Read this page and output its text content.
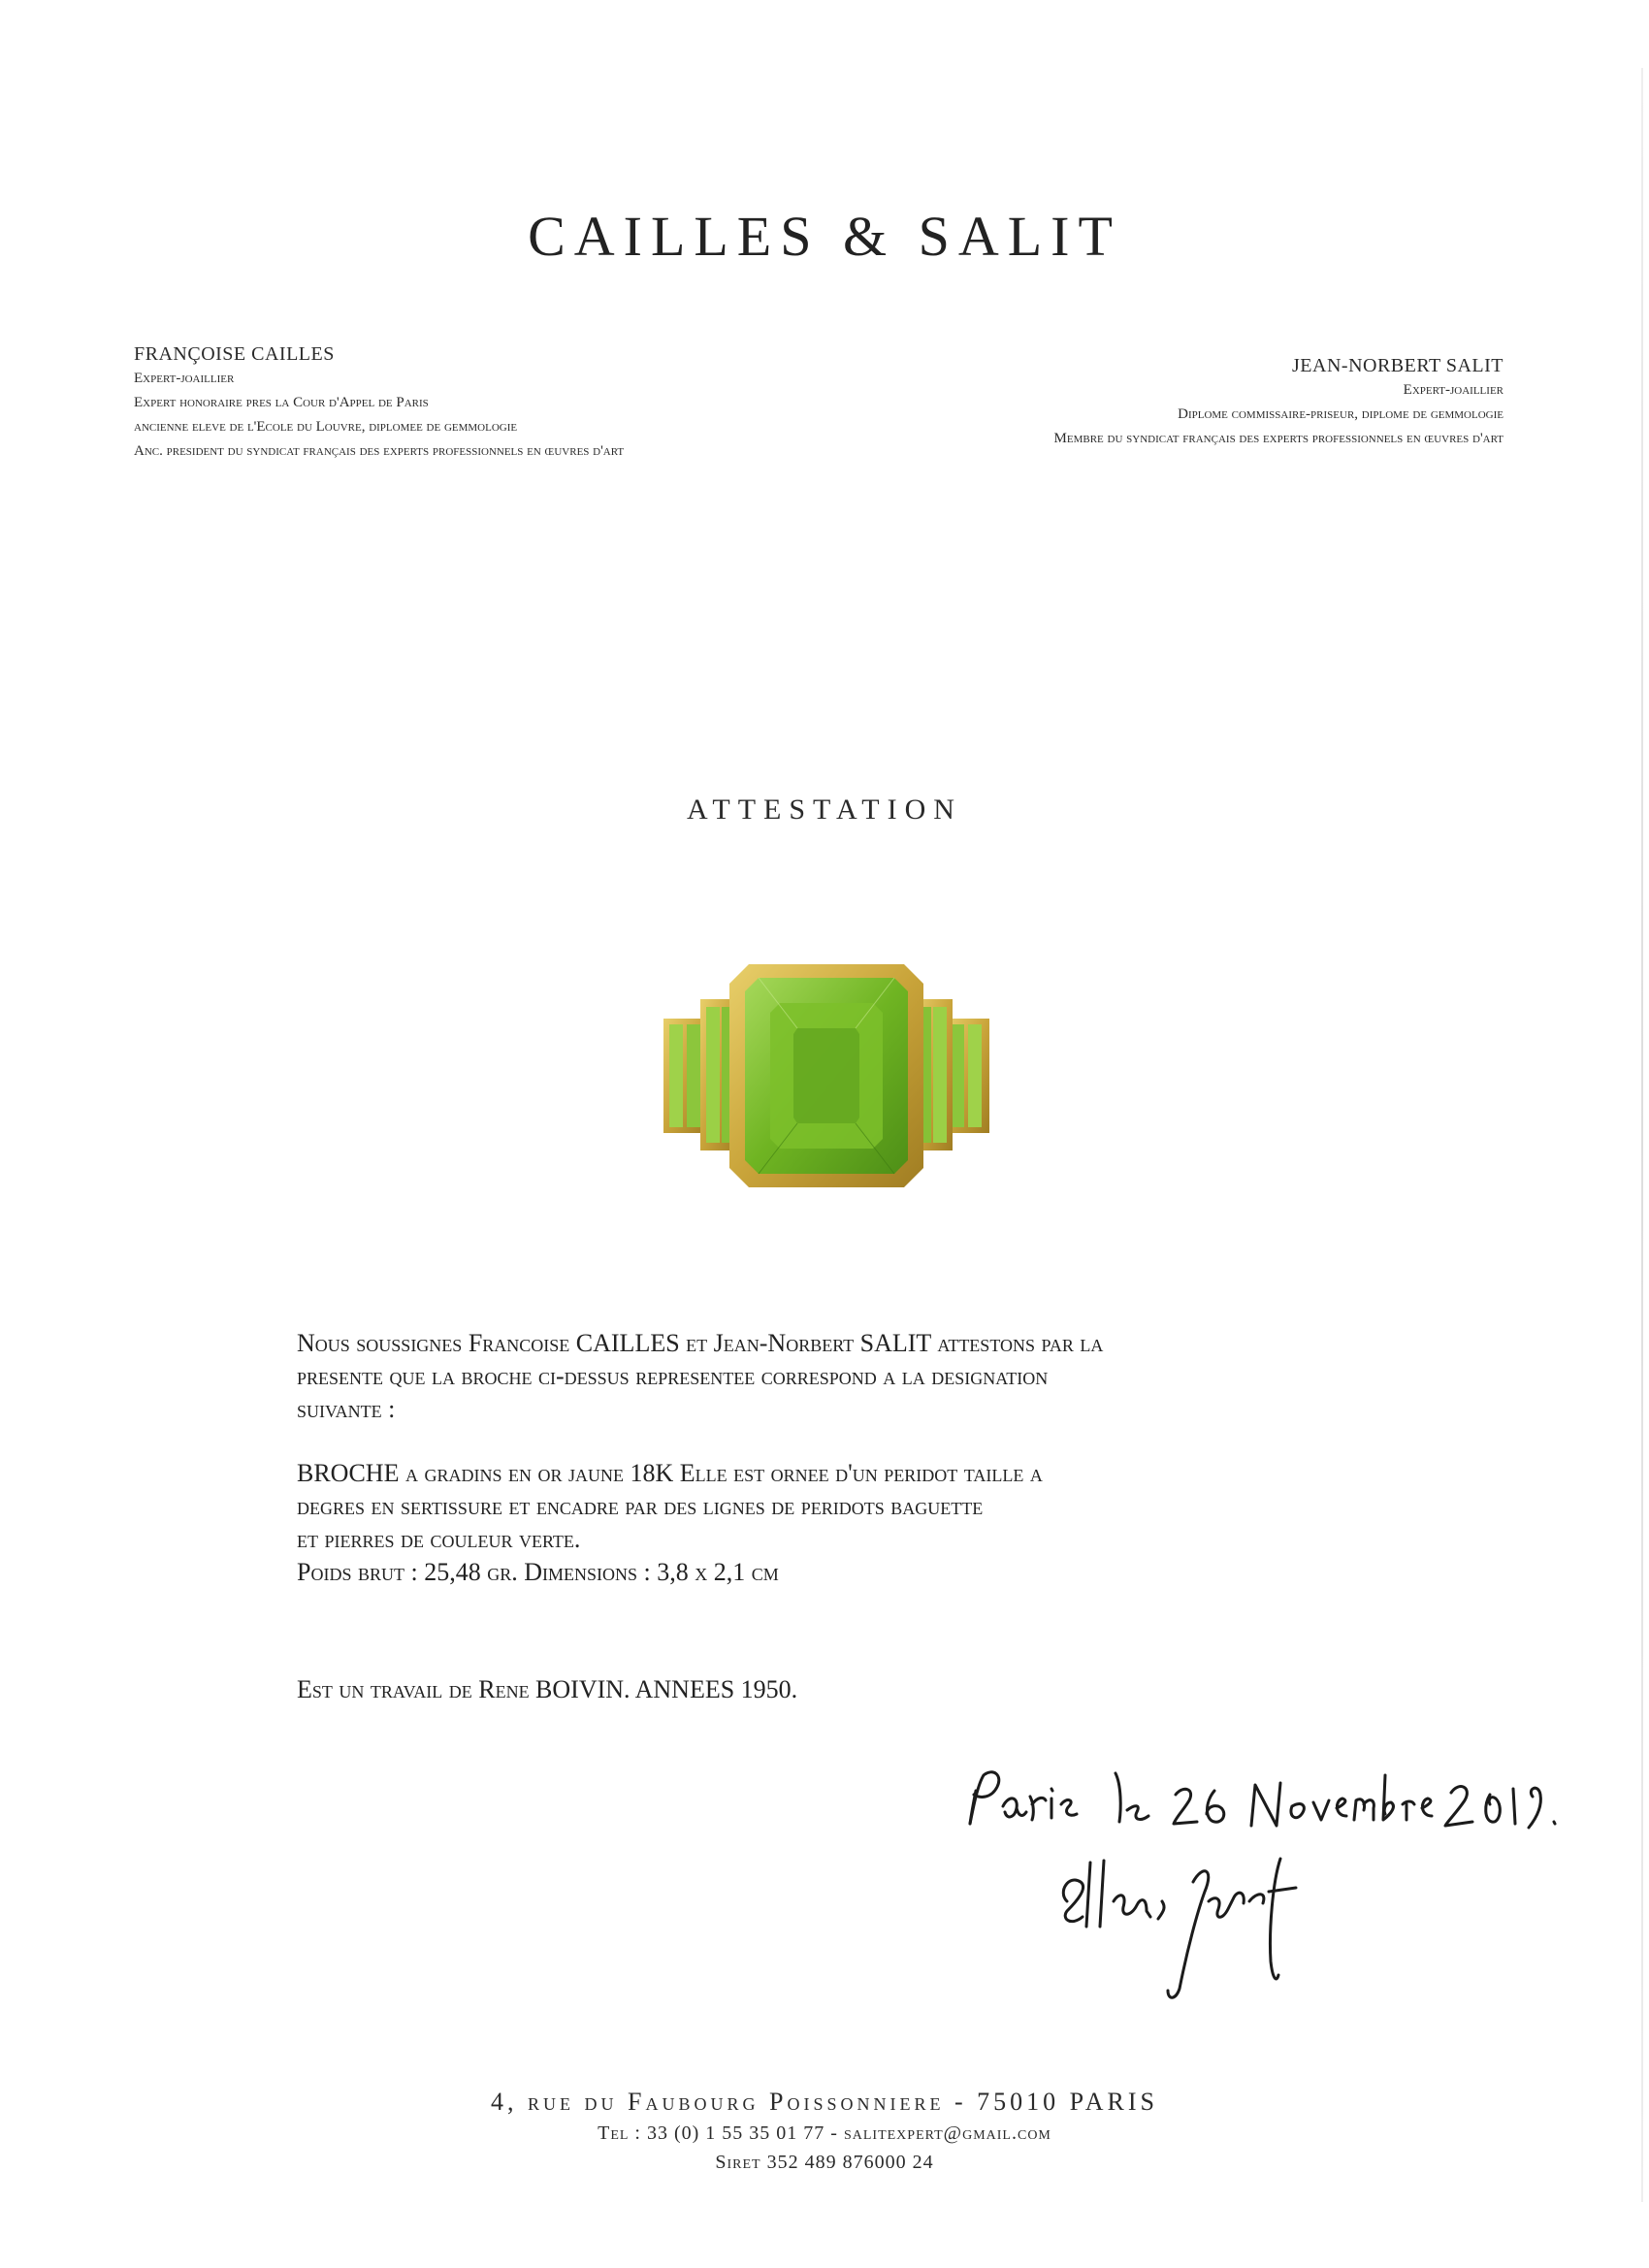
CAILLES & SALIT
FRANÇOISE CAILLES
Expert-joaillier
Expert honoraire pres la Cour d'Appel de Paris
ancienne eleve de l'Ecole du Louvre, diplomee de gemmologie
Anc. president du syndicat français des experts professionnels en œuvres d'art
JEAN-NORBERT SALIT
Expert-joaillier
Diplome commissaire-priseur, diplome de gemmologie
Membre du syndicat français des experts professionnels en œuvres d'art
ATTESTATION
Nous soussignes Francoise CAILLES et Jean-Norbert SALIT attestons par la
presente que la broche ci-dessus representee correspond a la designation
suivante :
BROCHE a gradins en or jaune 18K Elle est ornee d'un peridot taille a
degres en sertissure et encadre par des lignes de peridots baguette
et pierres de couleur verte.
Poids brut : 25,48 gr. Dimensions : 3,8 x 2,1 cm
Est un travail de Rene BOIVIN. ANNEES 1950.
4, rue du Faubourg Poissonniere - 75010 PARIS
Tel : 33 (0) 1 55 35 01 77 - salitexpert@gmail.com
Siret 352 489 876000 24
